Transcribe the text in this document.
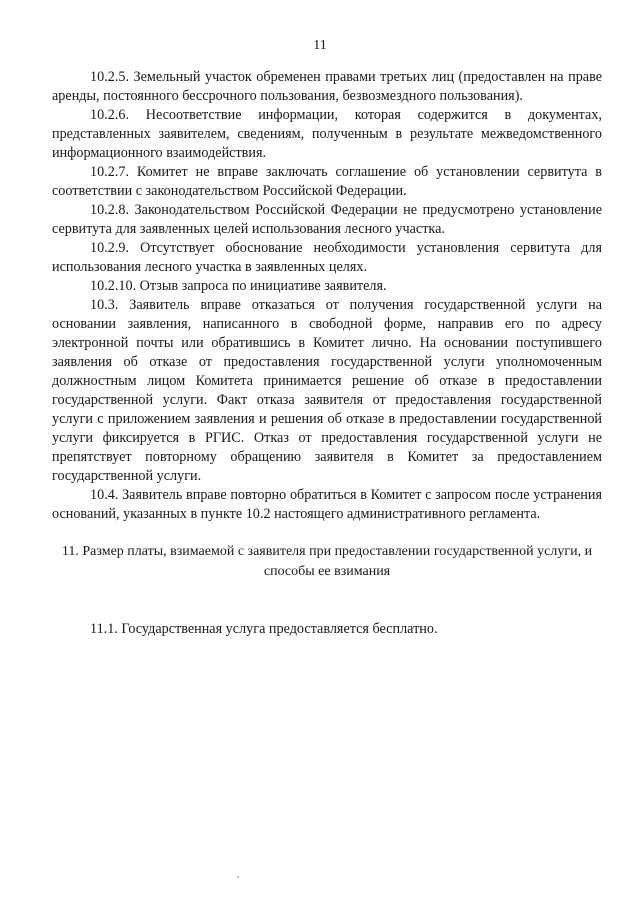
11

10.2.5. Земельный участок обременен правами третьих лиц (предоставлен на праве аренды, постоянного бессрочного пользования, безвозмездного пользования).

10.2.6. Несоответствие информации, которая содержится в документах, представленных заявителем, сведениям, полученным в результате межведомственного информационного взаимодействия.

10.2.7. Комитет не вправе заключать соглашение об установлении сервитута в соответствии с законодательством Российской Федерации.

10.2.8. Законодательством Российской Федерации не предусмотрено установление сервитута для заявленных целей использования лесного участка.

10.2.9. Отсутствует обоснование необходимости установления сервитута для использования лесного участка в заявленных целях.

10.2.10. Отзыв запроса по инициативе заявителя.

10.3. Заявитель вправе отказаться от получения государственной услуги на основании заявления, написанного в свободной форме, направив его по адресу электронной почты или обратившись в Комитет лично. На основании поступившего заявления об отказе от предоставления государственной услуги уполномоченным должностным лицом Комитета принимается решение об отказе в предоставлении государственной услуги. Факт отказа заявителя от предоставления государственной услуги с приложением заявления и решения об отказе в предоставлении государственной услуги фиксируется в РГИС. Отказ от предоставления государственной услуги не препятствует повторному обращению заявителя в Комитет за предоставлением государственной услуги.

10.4. Заявитель вправе повторно обратиться в Комитет с запросом после устранения оснований, указанных в пункте 10.2 настоящего административного регламента.

11. Размер платы, взимаемой с заявителя при предоставлении государственной услуги, и способы ее взимания

11.1. Государственная услуга предоставляется бесплатно.
